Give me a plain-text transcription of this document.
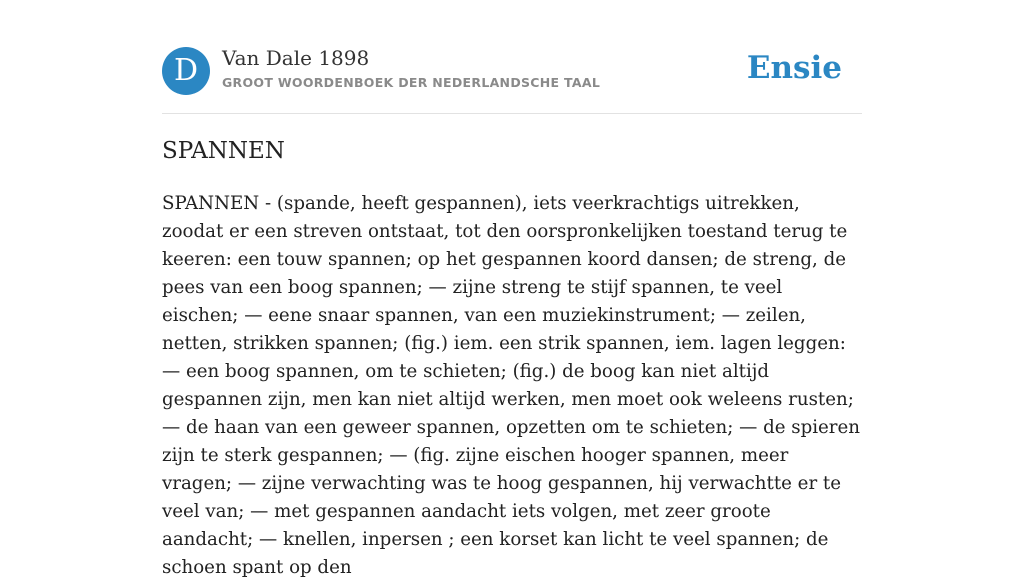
D	Van Dale 1898
GROOT WOORDENBOEK DER NEDERLANDSCHE TAAL	Ensie
SPANNEN

SPANNEN - (spande, heeft gespannen), iets veerkrachtigs uitrekken, zoodat er een streven ontstaat, tot den oorspronkelijken toestand terug te keeren: een touw spannen; op het gespannen koord dansen; de streng, de pees van een boog spannen; — zijne streng te stijf spannen, te veel eischen; — eene snaar spannen, van een muziekinstrument; — zeilen, netten, strikken spannen; (fig.) iem. een strik spannen, iem. lagen leggen: — een boog spannen, om te schieten; (fig.) de boog kan niet altijd gespannen zijn, men kan niet altijd werken, men moet ook weleens rusten; — de haan van een geweer spannen, opzetten om te schieten; — de spieren zijn te sterk gespannen; — (fig. zijne eischen hooger spannen, meer vragen; — zijne verwachting was te hoog gespannen, hij verwachtte er te veel van; — met gespannen aandacht iets volgen, met zeer groote aandacht; — knellen, inpersen ; een korset kan licht te veel spannen; de schoen spant op den
